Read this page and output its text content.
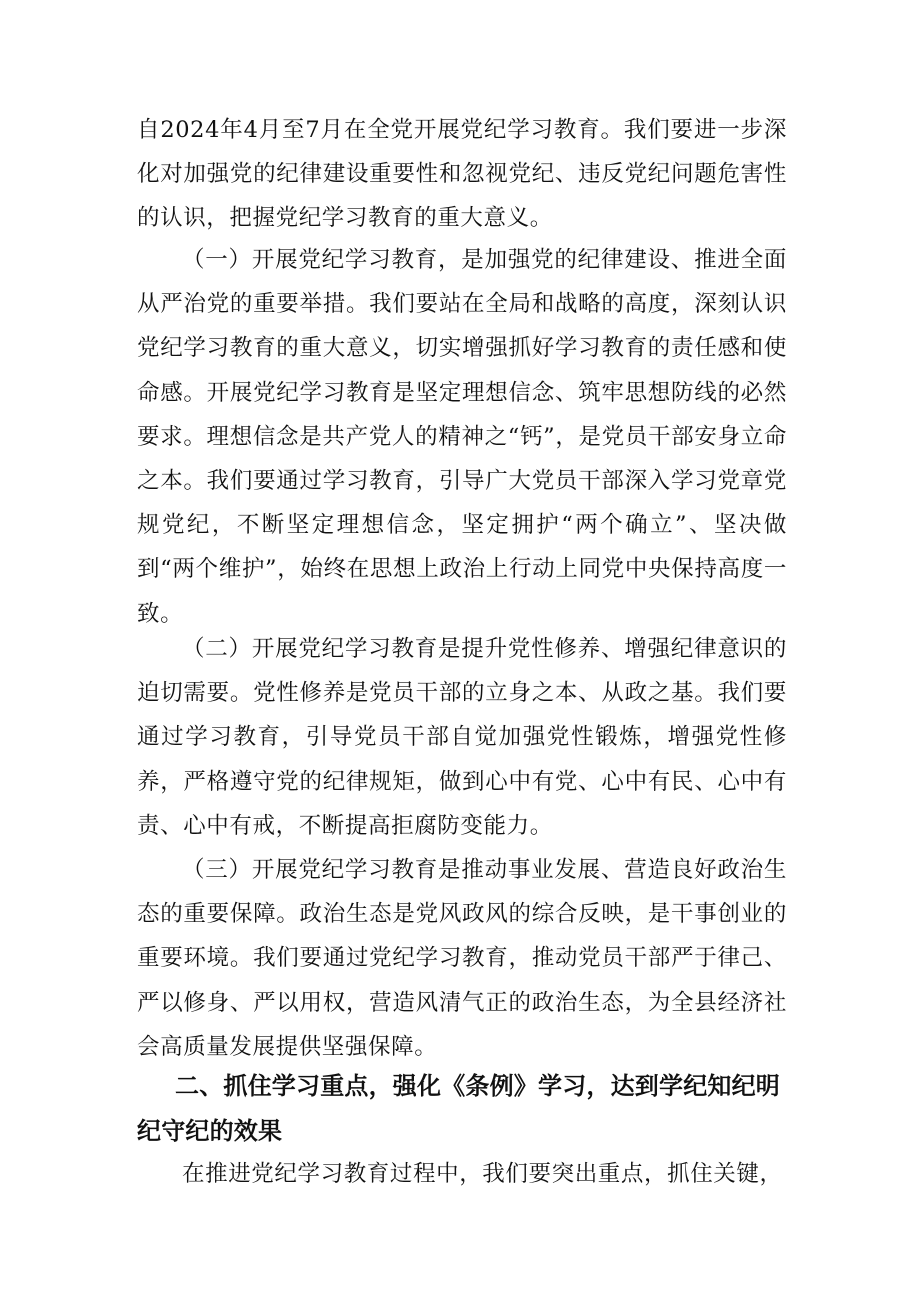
自2024年4月至7月在全党开展党纪学习教育。我们要进一步深化对加强党的纪律建设重要性和忽视党纪、违反党纪问题危害性的认识，把握党纪学习教育的重大意义。

（一）开展党纪学习教育，是加强党的纪律建设、推进全面从严治党的重要举措。我们要站在全局和战略的高度，深刻认识党纪学习教育的重大意义，切实增强抓好学习教育的责任感和使命感。开展党纪学习教育是坚定理想信念、筑牢思想防线的必然要求。理想信念是共产党人的精神之“钙”，是党员干部安身立命之本。我们要通过学习教育，引导广大党员干部深入学习党章党规党纪，不断坚定理想信念，坚定拥护“两个确立”、坚决做到“两个维护”，始终在思想上政治上行动上同党中央保持高度一致。

（二）开展党纪学习教育是提升党性修养、增强纪律意识的迫切需要。党性修养是党员干部的立身之本、从政之基。我们要通过学习教育，引导党员干部自觉加强党性锻炼，增强党性修养，严格遵守党的纪律规矩，做到心中有党、心中有民、心中有责、心中有戒，不断提高拒腐防变能力。

（三）开展党纪学习教育是推动事业发展、营造良好政治生态的重要保障。政治生态是党风政风的综合反映，是干事创业的重要环境。我们要通过党纪学习教育，推动党员干部严于律己、严以修身、严以用权，营造风清气正的政治生态，为全县经济社会高质量发展提供坚强保障。

二、抓住学习重点，强化《条例》学习，达到学纪知纪明纪守纪的效果

在推进党纪学习教育过程中，我们要突出重点，抓住关键，
